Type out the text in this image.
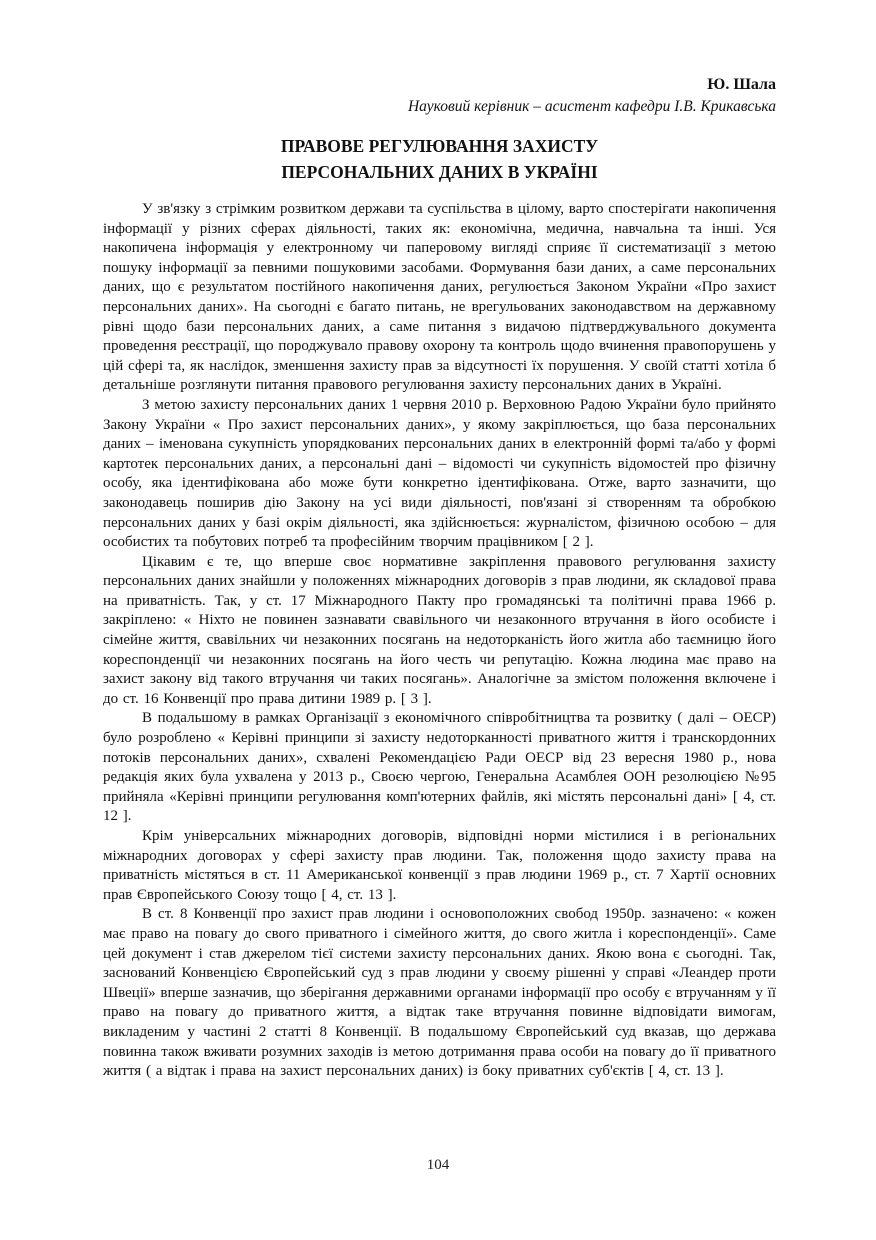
Ю. Шала
Науковий керівник – асистент кафедри І.В. Крикавська
ПРАВОВЕ РЕГУЛЮВАННЯ ЗАХИСТУ
ПЕРСОНАЛЬНИХ ДАНИХ В УКРАЇНІ

У зв'язку з стрімким розвитком держави та суспільства в цілому, варто спостерігати накопичення інформації у різних сферах діяльності, таких як: економічна, медична, навчальна та інші. Уся накопичена інформація у електронному чи паперовому вигляді сприяє її систематизації з метою пошуку інформації за певними пошуковими засобами. Формування бази даних, а саме персональних даних, що є результатом постійного накопичення даних, регулюється Законом України «Про захист персональних даних». На сьогодні є багато питань, не врегульованих законодавством на державному рівні щодо бази персональних даних, а саме питання з видачою підтверджувального документа проведення реєстрації, що породжувало правову охорону та контроль щодо вчинення правопорушень у цій сфері та, як наслідок, зменшення захисту прав за відсутності їх порушення. У своїй статті хотіла б детальніше розглянути питання правового регулювання захисту персональних даних в Україні.

З метою захисту персональних даних 1 червня 2010 р. Верховною Радою України було прийнято Закону України « Про захист персональних даних», у якому закріплюється, що база персональних даних – іменована сукупність упорядкованих персональних даних в електронній формі та/або у формі картотек персональних даних, а персональні дані – відомості чи сукупність відомостей про фізичну особу, яка ідентифікована або може бути конкретно ідентифікована. Отже, варто зазначити, що законодавець поширив дію Закону на усі види діяльності, пов'язані зі створенням та обробкою персональних даних у базі окрім діяльності, яка здійснюється: журналістом, фізичною особою – для особистих та побутових потреб та професійним творчим працівником [ 2 ].

Цікавим є те, що вперше своє нормативне закріплення правового регулювання захисту персональних даних знайшли у положеннях міжнародних договорів з прав людини, як складової права на приватність. Так, у ст. 17 Міжнародного Пакту про громадянські та політичні права 1966 р. закріплено: « Ніхто не повинен зазнавати свавільного чи незаконного втручання в його особисте і сімейне життя, свавільних чи незаконних посягань на недоторканість його житла або таємницю його кореспонденції чи незаконних посягань на його честь чи репутацію. Кожна людина має право на захист закону від такого втручання чи таких посягань». Аналогічне за змістом положення включене і до ст. 16 Конвенції про права дитини 1989 р. [ 3 ].

В подальшому в рамках Організації з економічного співробітництва та розвитку ( далі – ОЕСР) було розроблено « Керівні принципи зі захисту недоторканності приватного життя і транскордонних потоків персональних даних», схвалені Рекомендацією Ради ОЕСР від 23 вересня 1980 р., нова редакція яких була ухвалена у 2013 р., Своєю чергою, Генеральна Асамблея ООН резолюцією №95 прийняла «Керівні принципи регулювання комп'ютерних файлів, які містять персональні дані» [ 4, ст. 12 ].

Крім універсальних міжнародних договорів, відповідні норми містилися і в регіональних міжнародних договорах у сфері захисту прав людини. Так, положення щодо захисту права на приватність містяться в ст. 11 Американської конвенції з прав людини 1969 р., ст. 7 Хартії основних прав Європейського Союзу тощо [ 4, ст. 13 ].

В ст. 8 Конвенції про захист прав людини і основоположних свобод 1950р. зазначено: « кожен має право на повагу до свого приватного і сімейного життя, до свого житла і кореспонденції». Саме цей документ і став джерелом тієї системи захисту персональних даних. Якою вона є сьогодні. Так, заснований Конвенцією Європейський суд з прав людини у своєму рішенні у справі «Леандер проти Швеції» вперше зазначив, що зберігання державними органами інформації про особу є втручанням у її право на повагу до приватного життя, а відтак таке втручання повинне відповідати вимогам, викладеним у частині 2 статті 8 Конвенції. В подальшому Європейський суд вказав, що держава повинна також вживати розумних заходів із метою дотримання права особи на повагу до її приватного життя ( а відтак і права на захист персональних даних) із боку приватних суб'єктів [ 4, ст. 13 ].

104
